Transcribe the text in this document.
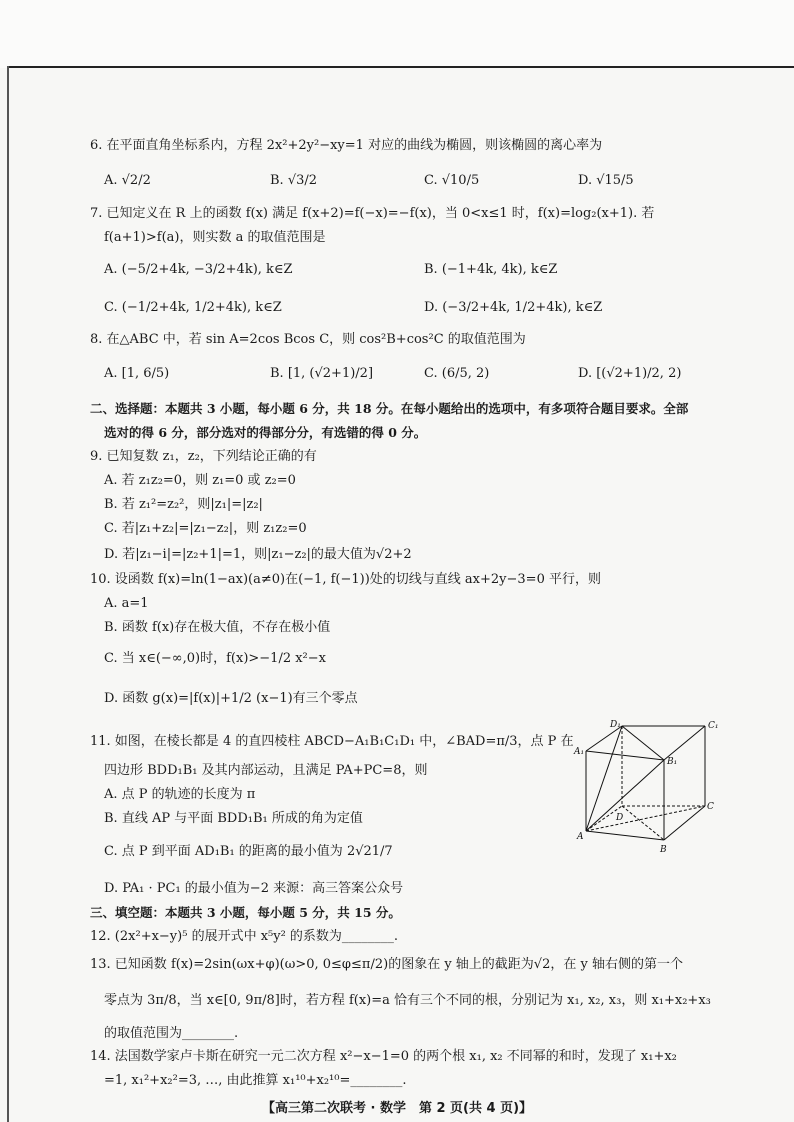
6. 在平面直角坐标系内，方程 2x²+2y²−xy=1 对应的曲线为椭圆，则该椭圆的离心率为
A. √2/2	B. √3/2	C. √10/5	D. √15/5
7. 已知定义在 R 上的函数 f(x) 满足 f(x+2)=f(−x)=−f(x)，当 0<x≤1 时，f(x)=log₂(x+1). 若
f(a+1)>f(a)，则实数 a 的取值范围是
A. (−5/2+4k, −3/2+4k), k∈Z	B. (−1+4k, 4k), k∈Z
C. (−1/2+4k, 1/2+4k), k∈Z	D. (−3/2+4k, 1/2+4k), k∈Z
8. 在△ABC 中，若 sin A=2cos Bcos C，则 cos²B+cos²C 的取值范围为
A. [1, 6/5)	B. [1, (√2+1)/2]	C. (6/5, 2)	D. [(√2+1)/2, 2)
二、选择题：本题共 3 小题，每小题 6 分，共 18 分。在每小题给出的选项中，有多项符合题目要求。全部
选对的得 6 分，部分选对的得部分分，有选错的得 0 分。
9. 已知复数 z₁，z₂，下列结论正确的有
A. 若 z₁z₂=0，则 z₁=0 或 z₂=0
B. 若 z₁²=z₂²，则|z₁|=|z₂|
C. 若|z₁+z₂|=|z₁−z₂|，则 z₁z₂=0
D. 若|z₁−i|=|z₂+1|=1，则|z₁−z₂|的最大值为√2+2
10. 设函数 f(x)=ln(1−ax)(a≠0)在(−1, f(−1))处的切线与直线 ax+2y−3=0 平行，则
A. a=1
B. 函数 f(x)存在极大值，不存在极小值
C. 当 x∈(−∞,0)时，f(x)>−1/2 x²−x
D. 函数 g(x)=|f(x)|+1/2 (x−1)有三个零点
11. 如图，在棱长都是 4 的直四棱柱 ABCD−A₁B₁C₁D₁ 中，∠BAD=π/3，点 P 在
四边形 BDD₁B₁ 及其内部运动，且满足 PA+PC=8，则
A. 点 P 的轨迹的长度为 π
B. 直线 AP 与平面 BDD₁B₁ 所成的角为定值
C. 点 P 到平面 AD₁B₁ 的距离的最小值为 2√21/7
D. PA₁ · PC₁ 的最小值为−2 来源：高三答案公众号
D₁	C₁
A₁
B₁
D
C
A
B
三、填空题：本题共 3 小题，每小题 5 分，共 15 分。
12. (2x²+x−y)⁵ 的展开式中 x⁵y² 的系数为________.
13. 已知函数 f(x)=2sin(ωx+φ)(ω>0, 0≤φ≤π/2)的图象在 y 轴上的截距为√2，在 y 轴右侧的第一个
零点为 3π/8，当 x∈[0, 9π/8]时，若方程 f(x)=a 恰有三个不同的根，分别记为 x₁, x₂, x₃，则 x₁+x₂+x₃
的取值范围为________.
14. 法国数学家卢卡斯在研究一元二次方程 x²−x−1=0 的两个根 x₁, x₂ 不同幂的和时，发现了 x₁+x₂
=1, x₁²+x₂²=3, …, 由此推算 x₁¹⁰+x₂¹⁰=________.
【高三第二次联考 · 数学　第 2 页(共 4 页)】
